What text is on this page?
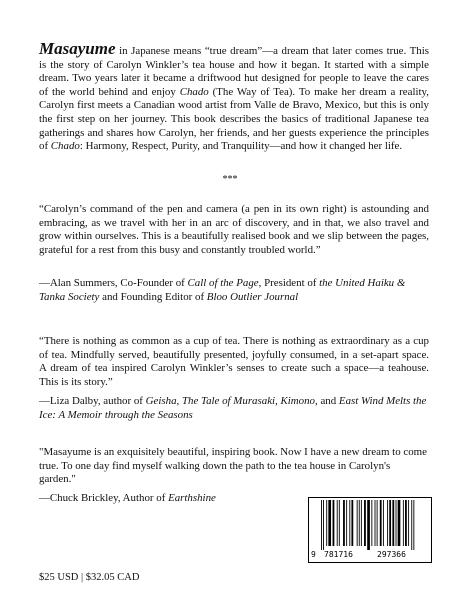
Masayume in Japanese means “true dream”—a dream that later comes true. This is the story of Carolyn Winkler’s tea house and how it began. It started with a simple dream. Two years later it became a driftwood hut designed for people to leave the cares of the world behind and enjoy Chado (The Way of Tea). To make her dream a reality, Carolyn first meets a Canadian wood artist from Valle de Bravo, Mexico, but this is only the first step on her journey. This book describes the basics of traditional Japanese tea gatherings and shares how Carolyn, her friends, and her guests experience the principles of Chado: Harmony, Respect, Purity, and Tranquility—and how it changed her life.

***

“Carolyn’s command of the pen and camera (a pen in its own right) is astounding and embracing, as we travel with her in an arc of discovery, and in that, we also travel and grow within ourselves. This is a beautifully realised book and we slip between the pages, grateful for a rest from this busy and constantly troubled world.”

—Alan Summers, Co-Founder of Call of the Page, President of the United Haiku & Tanka Society and Founding Editor of Bloo Outlier Journal

“There is nothing as common as a cup of tea. There is nothing as extraordinary as a cup of tea. Mindfully served, beautifully presented, joyfully consumed, in a set-apart space. A dream of tea inspired Carolyn Winkler’s senses to create such a space—a teahouse. This is its story.”

—Liza Dalby, author of Geisha, The Tale of Murasaki, Kimono, and East Wind Melts the Ice: A Memoir through the Seasons

"Masayume is an exquisitely beautiful, inspiring book. Now I have a new dream to come true. To one day find myself walking down the path to the tea house in Carolyn's garden."

—Chuck Brickley, Author of Earthshine

$25 USD | $32.05 CAD
9 781716	297366
